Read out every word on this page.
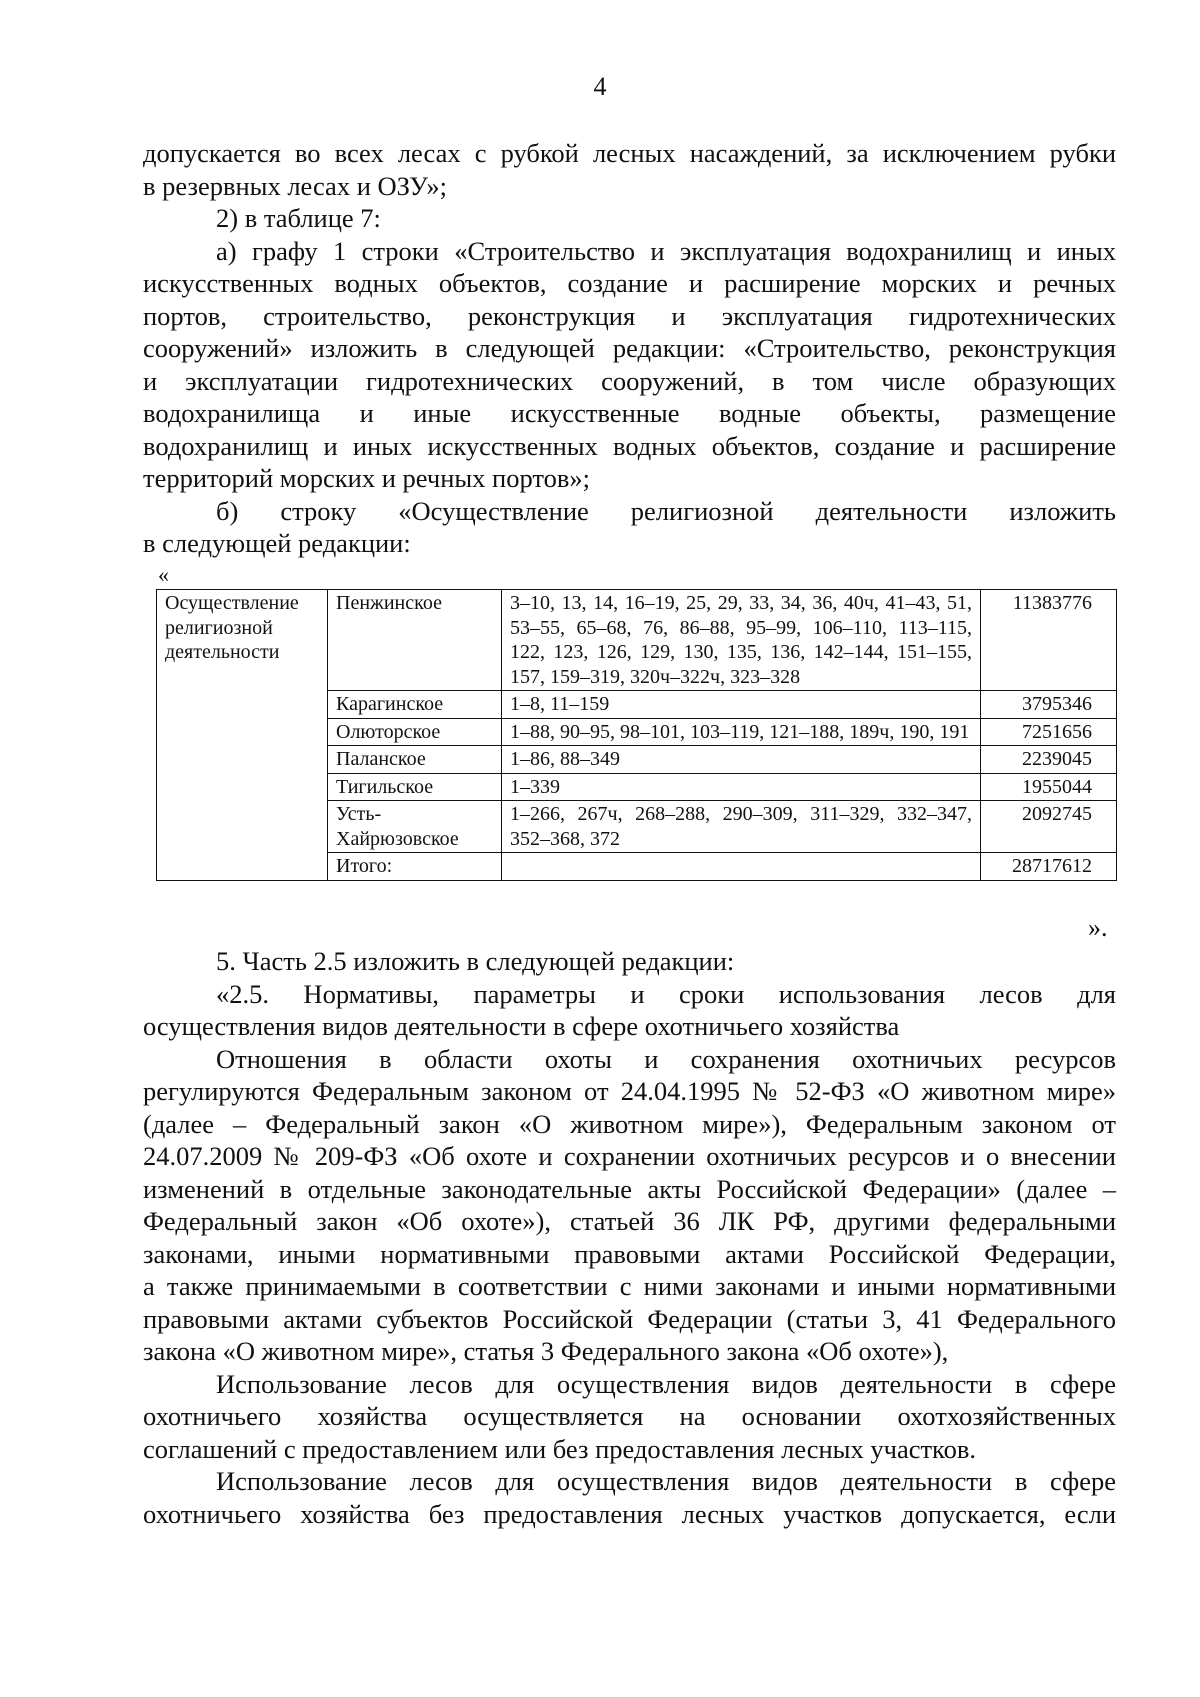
4

допускается во всех лесах с рубкой лесных насаждений, за исключением рубки

в резервных лесах и ОЗУ»;

2) в таблице 7:

а) графу 1 строки «Строительство и эксплуатация водохранилищ и иных

искусственных водных объектов, создание и расширение морских и речных

портов, строительство, реконструкция и эксплуатация гидротехнических

сооружений» изложить в следующей редакции: «Строительство, реконструкция

и эксплуатации гидротехнических сооружений, в том числе образующих

водохранилища и иные искусственные водные объекты, размещение

водохранилищ и иных искусственных водных объектов, создание и расширение

территорий морских и речных портов»;

б) строку «Осуществление религиозной деятельности изложить

в следующей редакции:

«
Осуществление религиозной деятельности	Пенжинское	3–10, 13, 14, 16–19, 25, 29, 33, 34, 36, 40ч, 41–43, 51, 53–55, 65–68, 76, 86–88, 95–99, 106–110, 113–115, 122, 123, 126, 129, 130, 135, 136, 142–144, 151–155, 157, 159–319, 320ч–322ч, 323–328	11383776
	Карагинское	1–8, 11–159	3795346
	Олюторское	1–88, 90–95, 98–101, 103–119, 121–188, 189ч, 190, 191	7251656
	Паланское	1–86, 88–349	2239045
	Тигильское	1–339	1955044
	Усть-Хайрюзовское	1–266, 267ч, 268–288, 290–309, 311–329, 332–347, 352–368, 372	2092745
	Итого:		28717612
».

5. Часть 2.5 изложить в следующей редакции:

«2.5. Нормативы, параметры и сроки использования лесов для

осуществления видов деятельности в сфере охотничьего хозяйства

Отношения в области охоты и сохранения охотничьих ресурсов

регулируются Федеральным законом от 24.04.1995 № 52-ФЗ «О животном мире»

(далее – Федеральный закон «О животном мире»), Федеральным законом от

24.07.2009 № 209-ФЗ «Об охоте и сохранении охотничьих ресурсов и о внесении

изменений в отдельные законодательные акты Российской Федерации» (далее –

Федеральный закон «Об охоте»), статьей 36 ЛК РФ, другими федеральными

законами, иными нормативными правовыми актами Российской Федерации,

а также принимаемыми в соответствии с ними законами и иными нормативными

правовыми актами субъектов Российской Федерации (статьи 3, 41 Федерального

закона «О животном мире», статья 3 Федерального закона «Об охоте»),

Использование лесов для осуществления видов деятельности в сфере

охотничьего хозяйства осуществляется на основании охотхозяйственных

соглашений с предоставлением или без предоставления лесных участков.

Использование лесов для осуществления видов деятельности в сфере

охотничьего хозяйства без предоставления лесных участков допускается, если
